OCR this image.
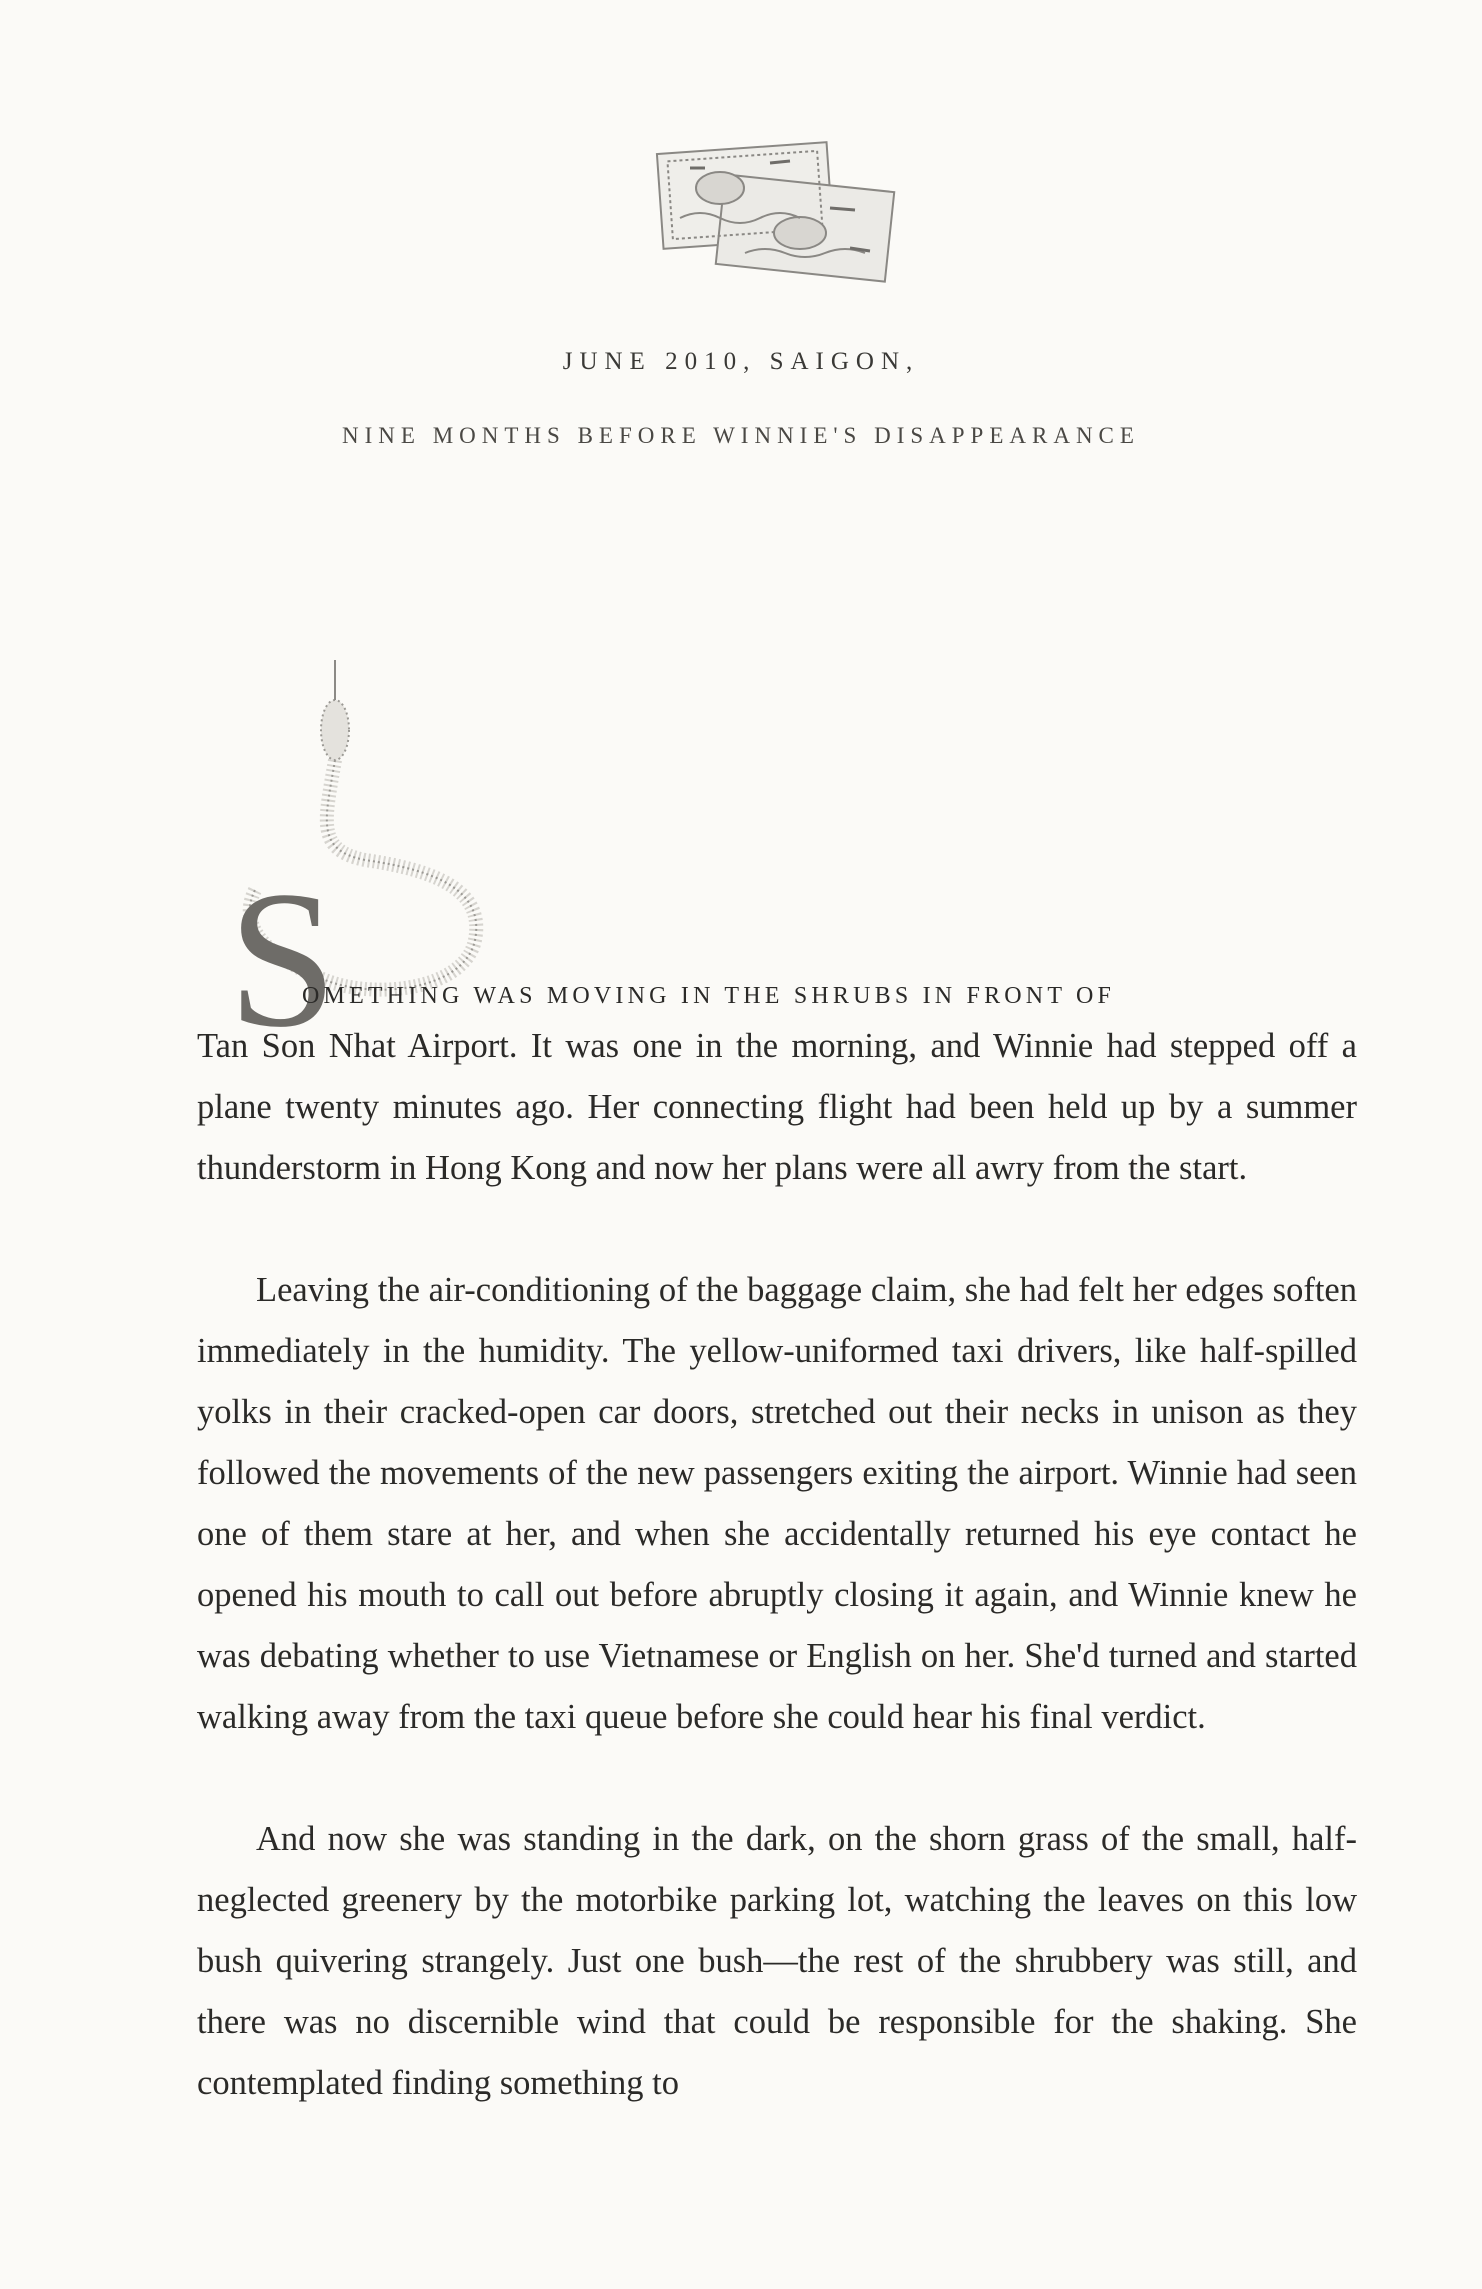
JUNE 2010, SAIGON,
NINE MONTHS BEFORE WINNIE'S DISAPPEARANCE
S
OMETHING WAS MOVING IN THE SHRUBS IN FRONT OF

Tan Son Nhat Airport. It was one in the morning, and Winnie had stepped off a plane twenty minutes ago. Her connecting flight had been held up by a summer thunderstorm in Hong Kong and now her plans were all awry from the start.

Leaving the air-conditioning of the baggage claim, she had felt her edges soften immediately in the humidity. The yellow-uniformed taxi drivers, like half-spilled yolks in their cracked-open car doors, stretched out their necks in unison as they followed the movements of the new passengers exiting the airport. Winnie had seen one of them stare at her, and when she accidentally returned his eye contact he opened his mouth to call out before abruptly closing it again, and Winnie knew he was debating whether to use Vietnamese or English on her. She'd turned and started walking away from the taxi queue before she could hear his final verdict.

And now she was standing in the dark, on the shorn grass of the small, half-neglected greenery by the motorbike parking lot, watching the leaves on this low bush quivering strangely. Just one bush—the rest of the shrubbery was still, and there was no discernible wind that could be responsible for the shaking. She contemplated finding something to
